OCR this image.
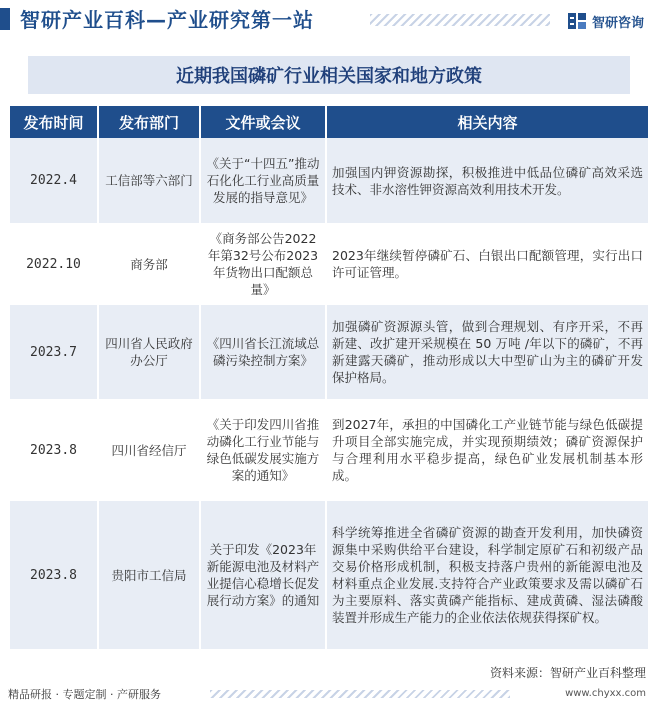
智研产业百科—产业研究第一站	智研咨询
近期我国磷矿行业相关国家和地方政策
发布时间	发布部门	文件或会议	相关内容
2022.4	工信部等六部门	《关于“十四五”推动石化化工行业高质量发展的指导意见》	加强国内钾资源勘探，积极推进中低品位磷矿高效采选技术、非水溶性钾资源高效利用技术开发。
2022.10	商务部	《商务部公告2022年第32号公布2023年货物出口配额总量》	2023年继续暂停磷矿石、白银出口配额管理，实行出口许可证管理。
2023.7	四川省人民政府办公厅	《四川省长江流域总磷污染控制方案》	加强磷矿资源源头管，做到合理规划、有序开采，不再新建、改扩建开采规模在 50 万吨 /年以下的磷矿，不再新建露天磷矿，推动形成以大中型矿山为主的磷矿开发保护格局。
2023.8	四川省经信厅	《关于印发四川省推动磷化工行业节能与绿色低碳发展实施方案的通知》	到2027年，承担的中国磷化工产业链节能与绿色低碳提升项目全部实施完成，并实现预期绩效；磷矿资源保护与合理利用水平稳步提高，绿色矿业发展机制基本形成。
2023.8	贵阳市工信局	关于印发《2023年新能源电池及材料产业提信心稳增长促发展行动方案》的通知	科学统筹推进全省磷矿资源的勘查开发利用，加快磷资源集中采购供给平台建设，科学制定原矿石和初级产品交易价格形成机制，积极支持落户贵州的新能源电池及材料重点企业发展.支持符合产业政策要求及需以磷矿石为主要原料、落实黄磷产能指标、建成黄磷、湿法磷酸装置并形成生产能力的企业依法依规获得探矿权。
资料来源：智研产业百科整理
精品研报 · 专题定制 · 产研服务	www.chyxx.com
